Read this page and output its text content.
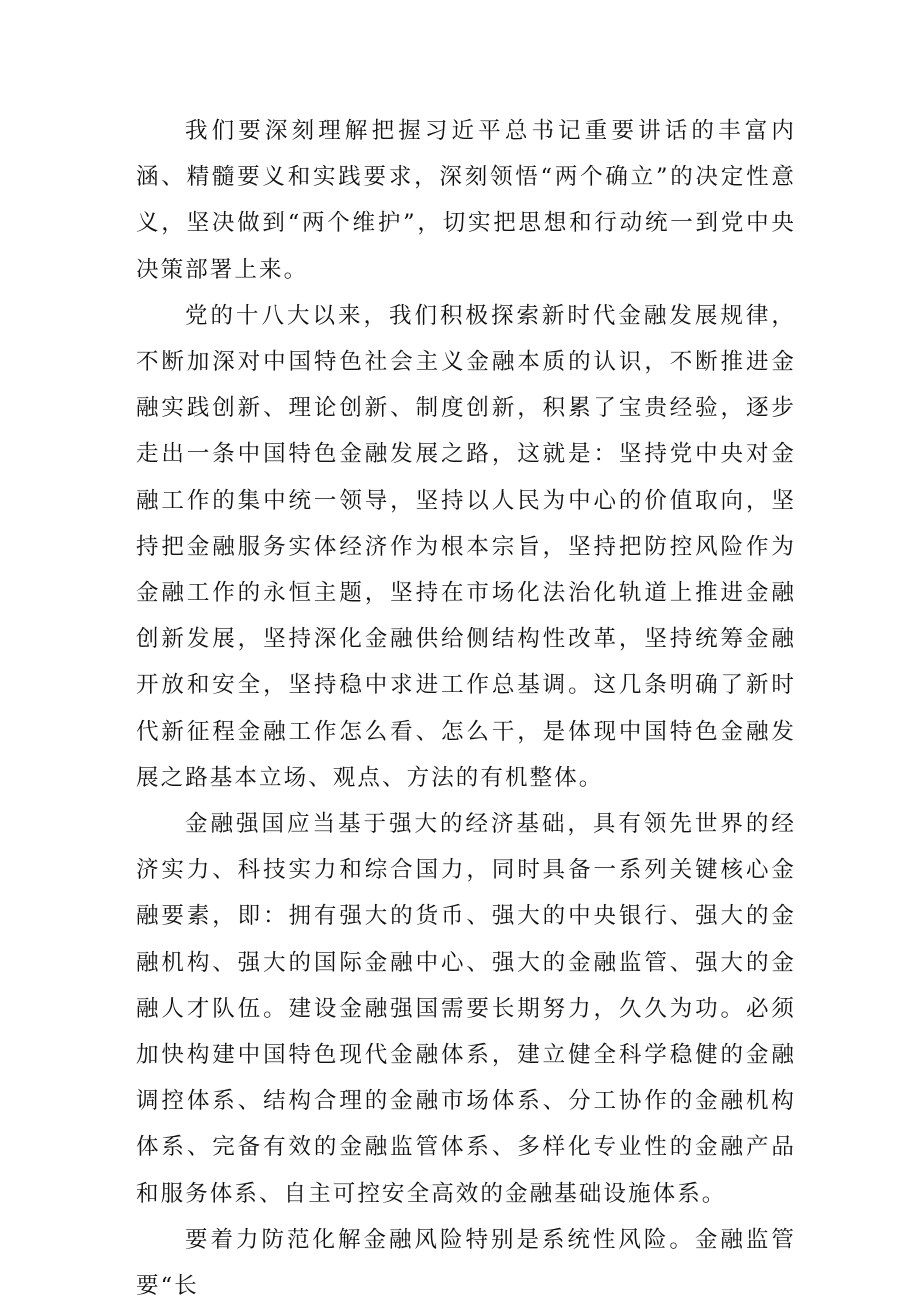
我们要深刻理解把握习近平总书记重要讲话的丰富内涵、精髓要义和实践要求，深刻领悟“两个确立”的决定性意义，坚决做到“两个维护”，切实把思想和行动统一到党中央决策部署上来。

党的十八大以来，我们积极探索新时代金融发展规律，不断加深对中国特色社会主义金融本质的认识，不断推进金融实践创新、理论创新、制度创新，积累了宝贵经验，逐步走出一条中国特色金融发展之路，这就是：坚持党中央对金融工作的集中统一领导，坚持以人民为中心的价值取向，坚持把金融服务实体经济作为根本宗旨，坚持把防控风险作为金融工作的永恒主题，坚持在市场化法治化轨道上推进金融创新发展，坚持深化金融供给侧结构性改革，坚持统筹金融开放和安全，坚持稳中求进工作总基调。这几条明确了新时代新征程金融工作怎么看、怎么干，是体现中国特色金融发展之路基本立场、观点、方法的有机整体。

金融强国应当基于强大的经济基础，具有领先世界的经济实力、科技实力和综合国力，同时具备一系列关键核心金融要素，即：拥有强大的货币、强大的中央银行、强大的金融机构、强大的国际金融中心、强大的金融监管、强大的金融人才队伍。建设金融强国需要长期努力，久久为功。必须加快构建中国特色现代金融体系，建立健全科学稳健的金融调控体系、结构合理的金融市场体系、分工协作的金融机构体系、完备有效的金融监管体系、多样化专业性的金融产品和服务体系、自主可控安全高效的金融基础设施体系。

要着力防范化解金融风险特别是系统性风险。金融监管要“长
